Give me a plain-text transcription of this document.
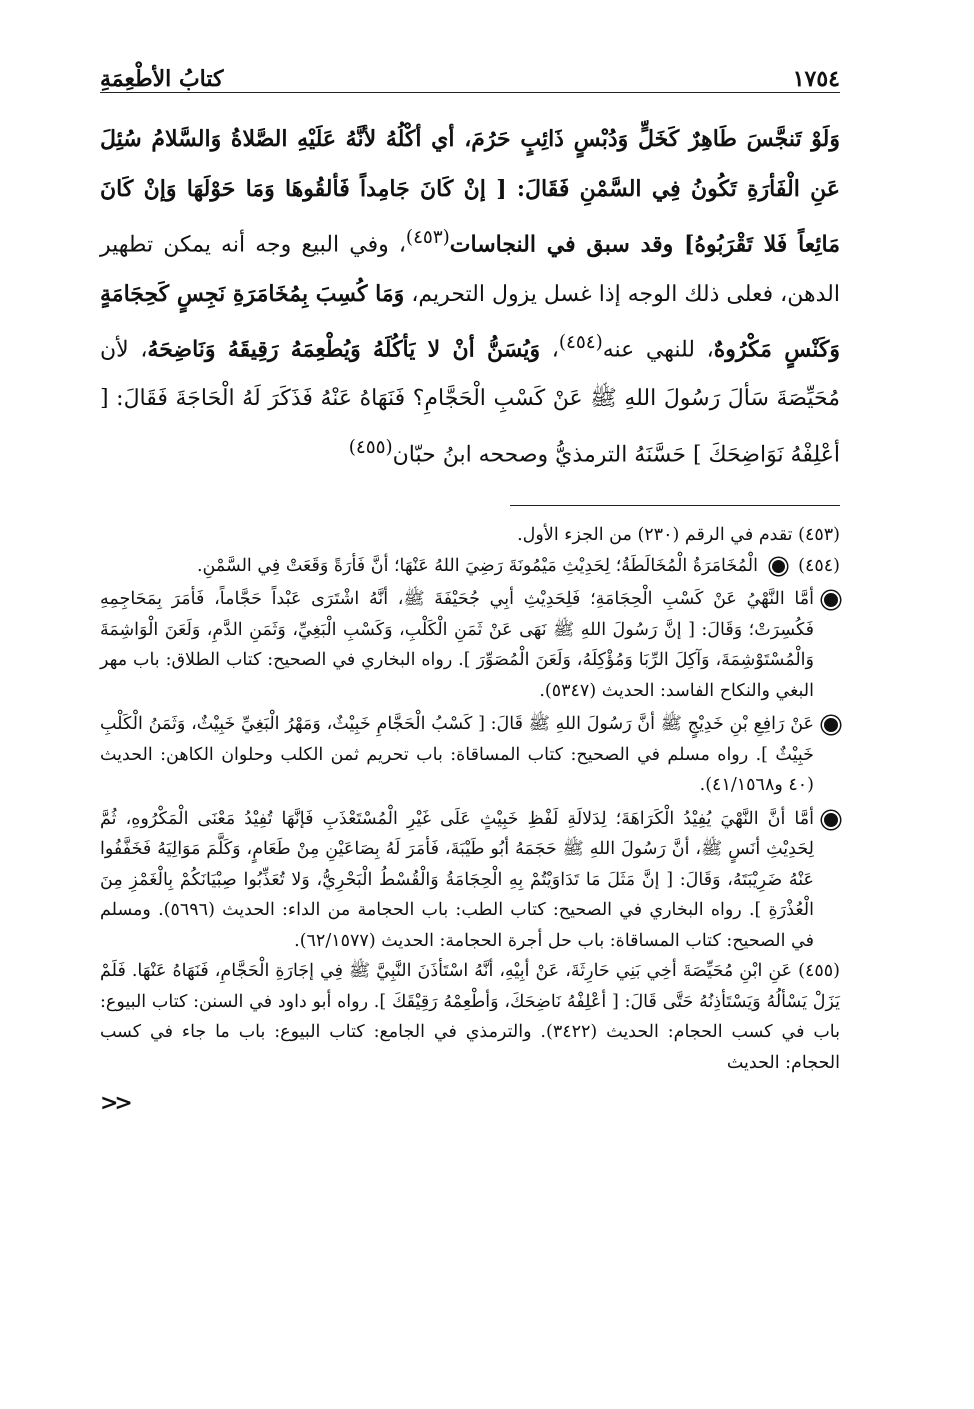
١٧٥٤
كتابُ الأطْعِمَةِ
وَلَوْ تَنجَّسَ طَاهِرٌ كَخَلٍّ وَدُبْسٍ ذَائِبٍ حَرُمَ، أي أكْلُهُ لأنَّهُ عَلَيْهِ الصَّلاةُ وَالسَّلامُ سُئِلَ عَنِ الْفَأرَةِ تَكُونُ فِي السَّمْنِ فَقَالَ: [ إنْ كَانَ جَامِداً فَألقُوهَا وَمَا حَوْلَهَا وَإنْ كَانَ مَائِعاً فَلا تَقْرَبُوهُ] وقد سبق في النجاسات$^{(٤٥٣)}$، وفي البيع وجه أنه يمكن تطهير الدهن، فعلى ذلك الوجه إذا غسل يزول التحريم، وَمَا كُسِبَ بِمُخَامَرَةِ نَجِسٍ كَحِجَامَةٍ وَكَنْسٍ مَكْرُوهٌ، للنهي عنه$^{(٤٥٤)}$، وَيُسَنُّ أنْ لا يَأكُلَهُ وَيُطْعِمَهُ رَقِيقَهُ وَنَاضِحَهُ، لأن مُحَيِّصَةَ سَألَ رَسُولَ اللهِ ﷺ عَنْ كَسْبِ الْحَجَّامِ؟ فَنَهَاهُ عَنْهُ فَذَكَرَ لَهُ الْحَاجَةَ فَقَالَ: [ أعْلِفْهُ نَوَاضِحَكَ ] حَسَّنَهُ الترمذيُّ وصححه ابنُ حبّان$^{(٤٥٥)}$

(٤٥٣) تقدم في الرقم (٢٣٠) من الجزء الأول.

(٤٥٤)  الْمُخَامَرَةُ الْمُخَالَطَةُ؛ لِحَدِيْثِ مَيْمُونَةَ رَضِيَ اللهُ عَنْهَا؛ أنَّ فَأرَةً وَقَعَتْ فِي السَّمْنِ.

أمَّا النَّهْيُ عَنْ كَسْبِ الْحِجَامَةِ؛ فَلِحَدِيْثِ أبِي جُحَيْفَةَ ﷺ، أنَّهُ اشْتَرَى عَبْداً حَجَّاماً، فَأمَرَ بِمَحَاجِمِهِ فَكُسِرَتْ؛ وَقَالَ: [ إنَّ رَسُولَ اللهِ ﷺ نَهَى عَنْ ثَمَنِ الْكَلْبِ، وَكَسْبِ الْبَغِيِّ، وَثَمَنِ الدَّمِ، وَلَعَنَ الْوَاشِمَةَ وَالْمُسْتَوْشِمَةَ، وَآكِلَ الرِّبَا وَمُؤْكِلَهُ، وَلَعَنَ الْمُصَوِّرَ ]. رواه البخاري في الصحيح: كتاب الطلاق: باب مهر البغي والنكاح الفاسد: الحديث (٥٣٤٧).
عَنْ رَافِعِ بْنِ خَدِيْجٍ ﷺ أنَّ رَسُولَ اللهِ ﷺ قَالَ: [ كَسْبُ الْحَجَّامِ خَبِيْثٌ، وَمَهْرُ الْبَغِيِّ خَبِيْثٌ، وَثَمَنُ الْكَلْبِ خَبِيْثٌ ]. رواه مسلم في الصحيح: كتاب المساقاة: باب تحريم ثمن الكلب وحلوان الكاهن: الحديث (٤٠ و٤١/١٥٦٨).
أمَّا أنَّ النَّهْيَ يُفِيْدُ الْكَرَاهَةَ؛ لِدَلالَةِ لَفْظِ خَبِيْثٍ عَلَى غَيْرِ الْمُسْتَعْذَبِ فَإنَّهَا تُفِيْدُ مَعْنَى الْمَكْرُوهِ، ثُمَّ لِحَدِيْثِ أنَسٍ ﷺ، أنَّ رَسُولَ اللهِ ﷺ حَجَمَهُ أبُو طَيْبَةَ، فَأمَرَ لَهُ بِصَاعَيْنِ مِنْ طَعَامٍ، وَكَلَّمَ مَوَالِيَهُ فَخَفَّفُوا عَنْهُ ضَرِيْبَتَهُ، وَقَالَ: [ إنَّ مَثَلَ مَا تَدَاوَيْتُمْ بِهِ الْحِجَامَةُ وَالْقُسْطُ الْبَحْرِيُّ، وَلا تُعَذِّبُوا صِبْيَانَكُمْ بِالْغَمْزِ مِنَ الْعُذْرَةِ ]. رواه البخاري في الصحيح: كتاب الطب: باب الحجامة من الداء: الحديث (٥٦٩٦). ومسلم في الصحيح: كتاب المساقاة: باب حل أجرة الحجامة: الحديث (٦٢/١٥٧٧).

(٤٥٥) عَنِ ابْنِ مُحَيِّصَةَ أخِي بَنِي حَارِثَةَ، عَنْ أبِيْهِ، أنَّهُ اسْتَأذَنَ النَّبِيَّ ﷺ فِي إجَارَةِ الْحَجَّامِ، فَنَهَاهُ عَنْهَا. فَلَمْ يَزَلْ يَسْألُهُ وَيَسْتَأذِنُهُ حَتَّى قَالَ: [ أعْلِفْهُ نَاضِحَكَ، وَأطْعِمْهُ رَقِيْقَكَ ]. رواه أبو داود في السنن: كتاب البيوع: باب في كسب الحجام: الحديث (٣٤٢٢). والترمذي في الجامع: كتاب البيوع: باب ما جاء في كسب الحجام: الحديث

<<
